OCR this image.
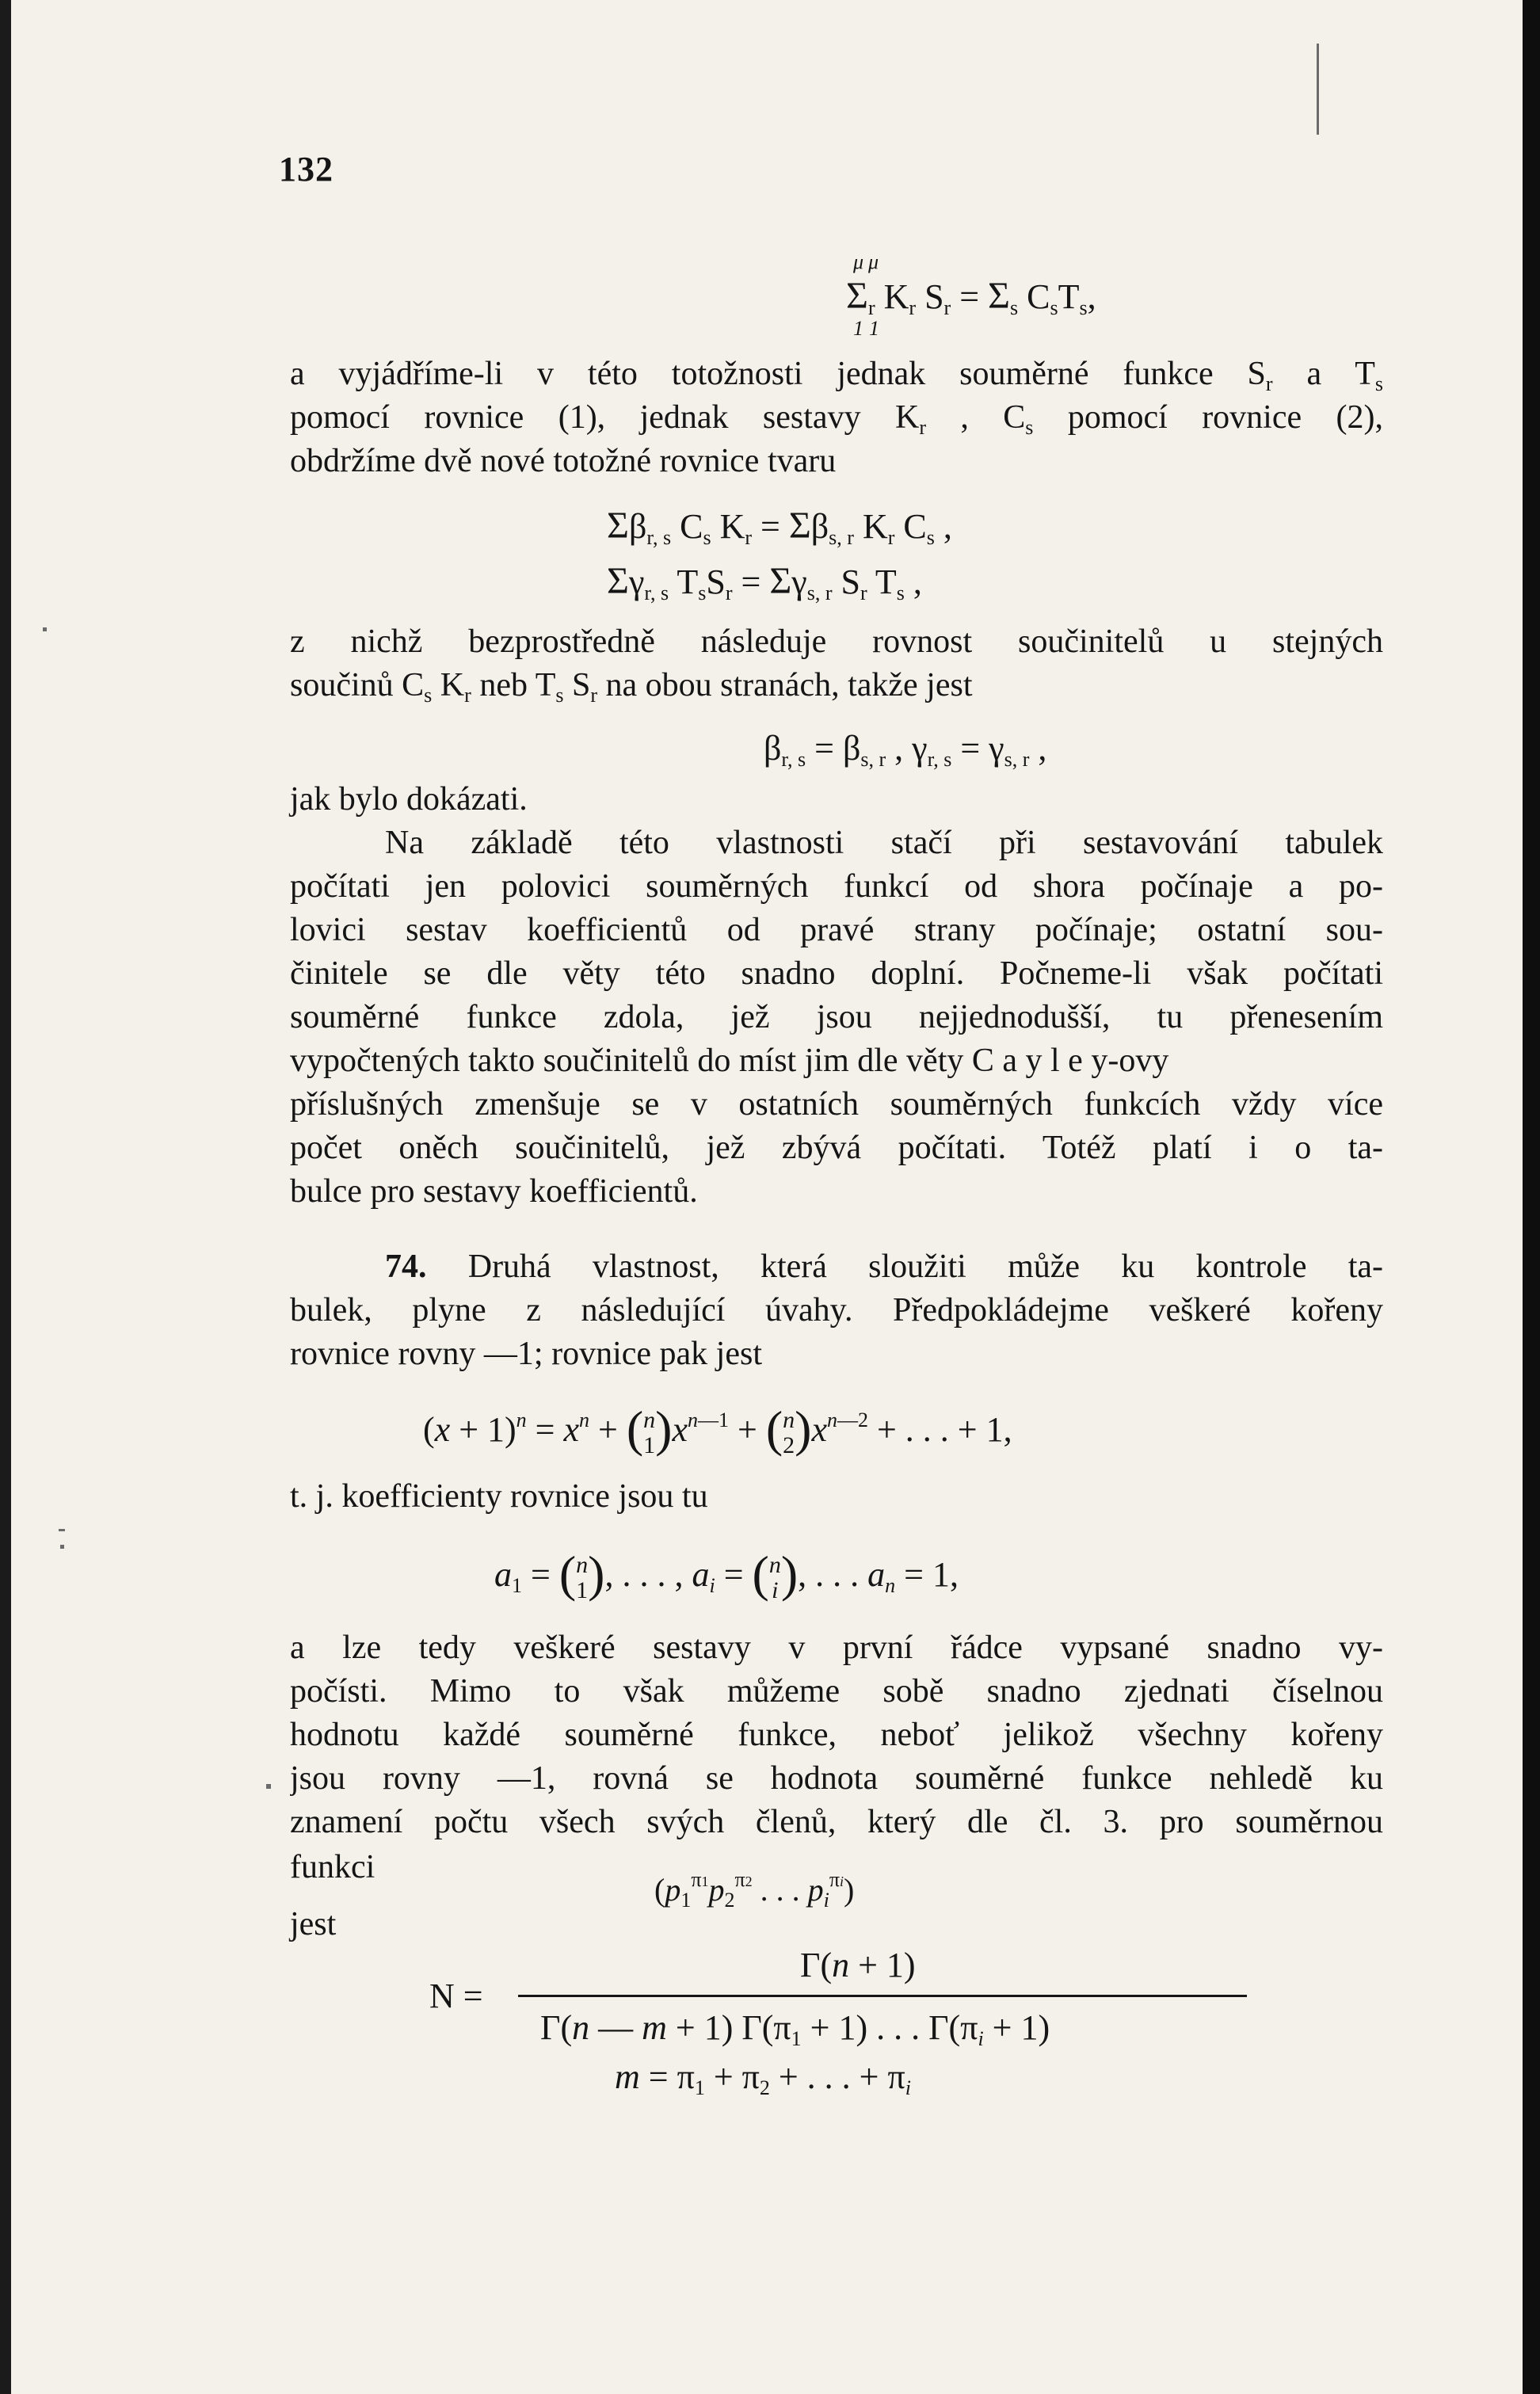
132
μ
1
μ
1
$\Sigma_r$ $K_r$ $S_r = \Sigma_s$ $C_sT_s$,
a vyjádříme-li v této totožnosti jednak souměrné funkce $S_r$ a $T_s$
pomocí rovnice (1), jednak sestavy $K_r$ , $C_s$ pomocí rovnice (2),
obdržíme dvě nové totožné rovnice tvaru
$\Sigma\beta_{r, s}$ $C_s$ $K_r = \Sigma\beta_{s, r}$ $K_r$ $C_s$ ,
$\Sigma\gamma_{r, s}$ $T_sS_r = \Sigma\gamma_{s, r}$ $S_r$ $T_s$ ,
z nichž bezprostředně následuje rovnost součinitelů u stejných
součinů $C_s$ $K_r$ neb $T_s$ $S_r$ na obou stranách, takže jest
$\beta_{r, s} = \beta_{s, r}$ , $\gamma_{r, s} = \gamma_{s, r}$ ,
jak bylo dokázati.
Na základě této vlastnosti stačí při sestavování tabulek
počítati jen polovici souměrných funkcí od shora počínaje a po-
lovici sestav koefficientů od pravé strany počínaje; ostatní sou-
činitele se dle věty této snadno doplní. Počneme-li však počítati
souměrné funkce zdola, jež jsou nejjednodušší, tu přenesením
vypočtených takto součinitelů do míst jim dle věty C a y l e y-ovy
příslušných zmenšuje se v ostatních souměrných funkcích vždy více
počet oněch součinitelů, jež zbývá počítati. Totéž platí i o ta-
bulce pro sestavy koefficientů.
74. Druhá vlastnost, která sloužiti může ku kontrole ta-
bulek, plyne z následující úvahy. Předpokládejme veškeré kořeny
rovnice rovny —1; rovnice pak jest
$(x + 1)^n = x^n + (n$
$1)x^{n—1} + (n$
$2)x^{n—2}$ + . . . + 1,
t. j. koefficienty rovnice jsou tu
$a_1 = (n$
1), . . . , $a_i = (n$
i), . . . $a_n = 1$,
a lze tedy veškeré sestavy v první řádce vypsané snadno vy-
počísti. Mimo to však můžeme sobě snadno zjednati číselnou
hodnotu každé souměrné funkce, neboť jelikož všechny kořeny
jsou rovny —1, rovná se hodnota souměrné funkce nehledě ku
znamení počtu všech svých členů, který dle čl. 3. pro souměrnou
funkci
jest
($p_1^{\pi 1}p_2^{\pi 2}$ . . . $p_i^{\pi i}$)
N =
Γ(n + 1)
Γ(n — m + 1) $\Gamma(\pi_1 + 1)$ . . . $\Gamma(\pi_i + 1)$
$m = \pi_1 + \pi_2$ + . . . + $\pi_i$
